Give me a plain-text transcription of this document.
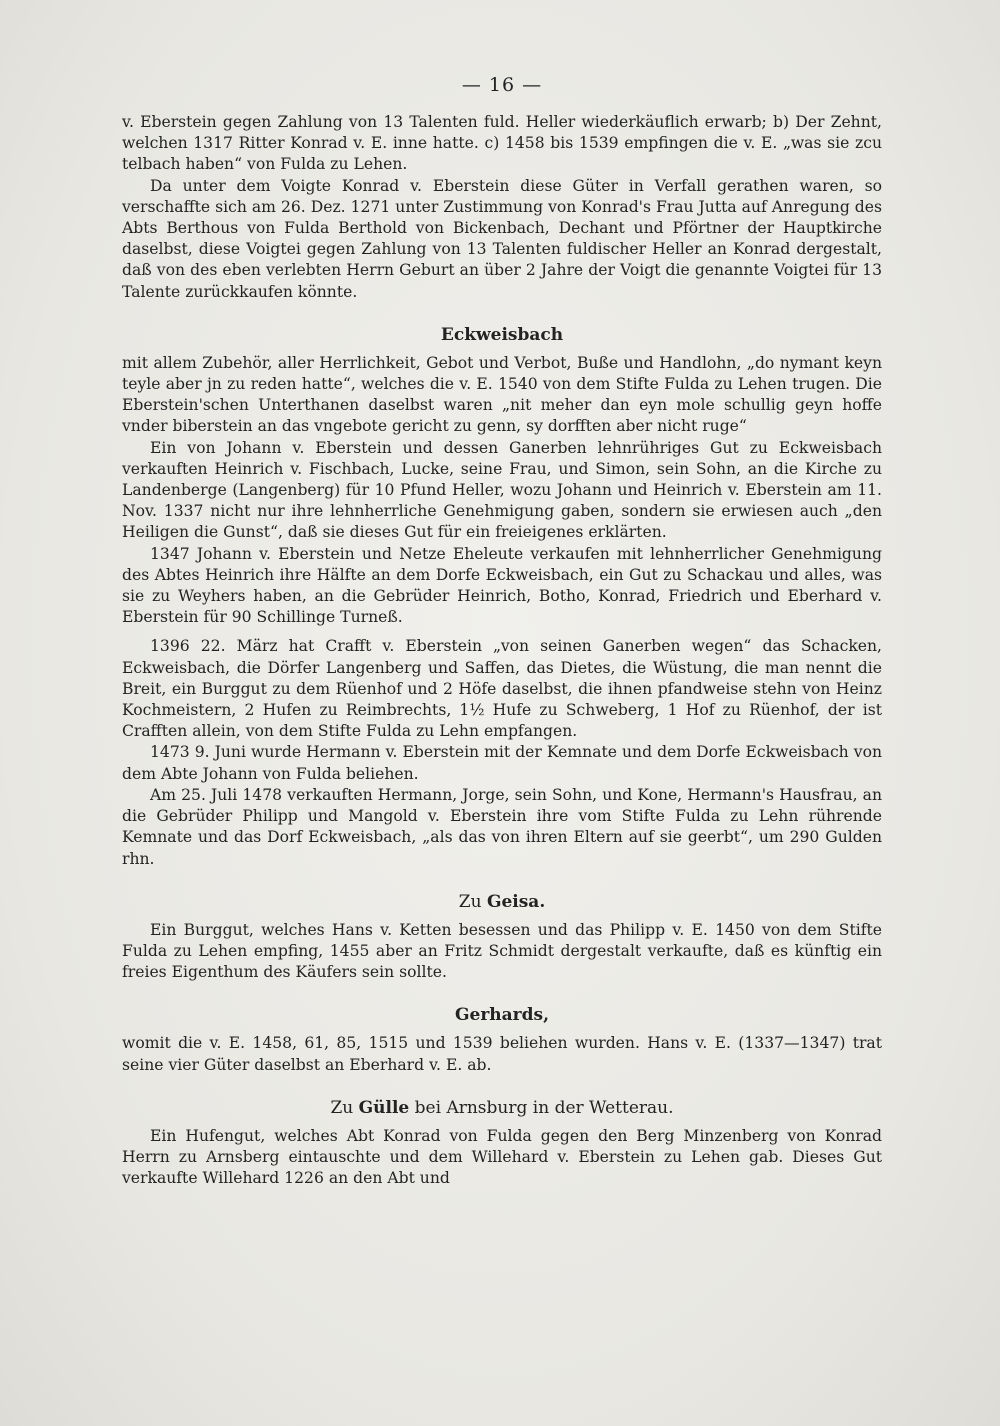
— 16 —

v. Eberstein gegen Zahlung von 13 Talenten fuld. Heller wiederkäuflich erwarb; b) Der Zehnt, welchen 1317 Ritter Konrad v. E. inne hatte. c) 1458 bis 1539 empfingen die v. E. „was sie zcu telbach haben“ von Fulda zu Lehen.

Da unter dem Voigte Konrad v. Eberstein diese Güter in Verfall gerathen waren, so verschaffte sich am 26. Dez. 1271 unter Zustimmung von Konrad's Frau Jutta auf Anregung des Abts Berthous von Fulda Berthold von Bickenbach, Dechant und Pförtner der Hauptkirche daselbst, diese Voigtei gegen Zahlung von 13 Talenten fuldischer Heller an Konrad dergestalt, daß von des eben verlebten Herrn Geburt an über 2 Jahre der Voigt die genannte Voigtei für 13 Talente zurückkaufen könnte.

Eckweisbach

mit allem Zubehör, aller Herrlichkeit, Gebot und Verbot, Buße und Handlohn, „do nymant keyn teyle aber jn zu reden hatte“, welches die v. E. 1540 von dem Stifte Fulda zu Lehen trugen. Die Eberstein'schen Unterthanen daselbst waren „nit meher dan eyn mole schullig geyn hoffe vnder biberstein an das vngebote gericht zu genn, sy dorfften aber nicht ruge“

Ein von Johann v. Eberstein und dessen Ganerben lehnrühriges Gut zu Eckweisbach verkauften Heinrich v. Fischbach, Lucke, seine Frau, und Simon, sein Sohn, an die Kirche zu Landenberge (Langenberg) für 10 Pfund Heller, wozu Johann und Heinrich v. Eberstein am 11. Nov. 1337 nicht nur ihre lehnherrliche Genehmigung gaben, sondern sie erwiesen auch „den Heiligen die Gunst“, daß sie dieses Gut für ein freieigenes erklärten.

1347 Johann v. Eberstein und Netze Eheleute verkaufen mit lehnherrlicher Genehmigung des Abtes Heinrich ihre Hälfte an dem Dorfe Eckweisbach, ein Gut zu Schackau und alles, was sie zu Weyhers haben, an die Gebrüder Heinrich, Botho, Konrad, Friedrich und Eberhard v. Eberstein für 90 Schillinge Turneß.

1396 22. März hat Crafft v. Eberstein „von seinen Ganerben wegen“ das Schacken, Eckweisbach, die Dörfer Langenberg und Saffen, das Dietes, die Wüstung, die man nennt die Breit, ein Burggut zu dem Rüenhof und 2 Höfe daselbst, die ihnen pfandweise stehn von Heinz Kochmeistern, 2 Hufen zu Reimbrechts, 1½ Hufe zu Schweberg, 1 Hof zu Rüenhof, der ist Crafften allein, von dem Stifte Fulda zu Lehn empfangen.

1473 9. Juni wurde Hermann v. Eberstein mit der Kemnate und dem Dorfe Eckweisbach von dem Abte Johann von Fulda beliehen.

Am 25. Juli 1478 verkauften Hermann, Jorge, sein Sohn, und Kone, Hermann's Hausfrau, an die Gebrüder Philipp und Mangold v. Eberstein ihre vom Stifte Fulda zu Lehn rührende Kemnate und das Dorf Eckweisbach, „als das von ihren Eltern auf sie geerbt“, um 290 Gulden rhn.

Zu Geisa.

Ein Burggut, welches Hans v. Ketten besessen und das Philipp v. E. 1450 von dem Stifte Fulda zu Lehen empfing, 1455 aber an Fritz Schmidt dergestalt verkaufte, daß es künftig ein freies Eigenthum des Käufers sein sollte.

Gerhards,

womit die v. E. 1458, 61, 85, 1515 und 1539 beliehen wurden. Hans v. E. (1337—1347) trat seine vier Güter daselbst an Eberhard v. E. ab.

Zu Gülle bei Arnsburg in der Wetterau.

Ein Hufengut, welches Abt Konrad von Fulda gegen den Berg Minzenberg von Konrad Herrn zu Arnsberg eintauschte und dem Willehard v. Eberstein zu Lehen gab. Dieses Gut verkaufte Willehard 1226 an den Abt und
